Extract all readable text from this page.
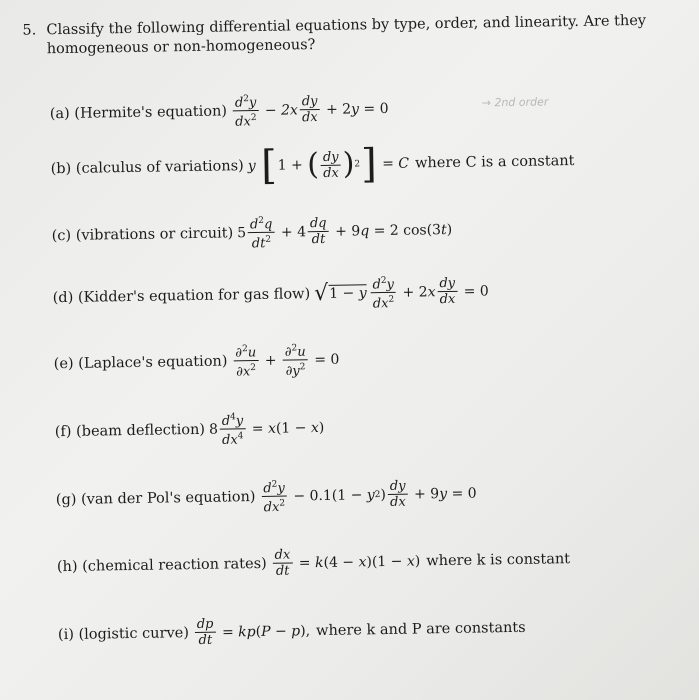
5. Classify the following differential equations by type, order, and linearity. Are they
homogeneous or non-homogeneous?
(a) (Hermite's equation) $\frac{d^2y}{dx^2} - 2x \frac{dy}{dx} + 2$ y = 0	→ 2nd order
(b) (calculus of variations) y [ 1 + ( $\frac{dy}{dx}$ ) 2 ] = C where C is a constant
(c) (vibrations or circuit) $5 \frac{d^2q}{dt^2} + 4 \frac{dq}{dt} + 9$ q = 2 cos(3 t )
(d) (Kidder's equation for gas flow) √ 1 − y $\frac{d^2y}{dx^2} + 2$ x $\frac{dy}{dx} = 0$
(e) (Laplace's equation) $\frac{\partial^2u}{\partial x^2} + \frac{\partial^2u}{\partial y^2} = 0$
(f) (beam deflection) $8 \frac{d^4y}{dx^4} = x$ (1 − x )
(g) (van der Pol's equation) $\frac{d^2y}{dx^2} - 0.1(1 - y$ 2 ) $\frac{dy}{dx} + 9$ y = 0
(h) (chemical reaction rates) $\frac{dx}{dt} = k$ (4 − x )(1 − x ) where k is constant
(i) (logistic curve) $\frac{dp}{dt}$ = kp ( P − p ), where k and P are constants
